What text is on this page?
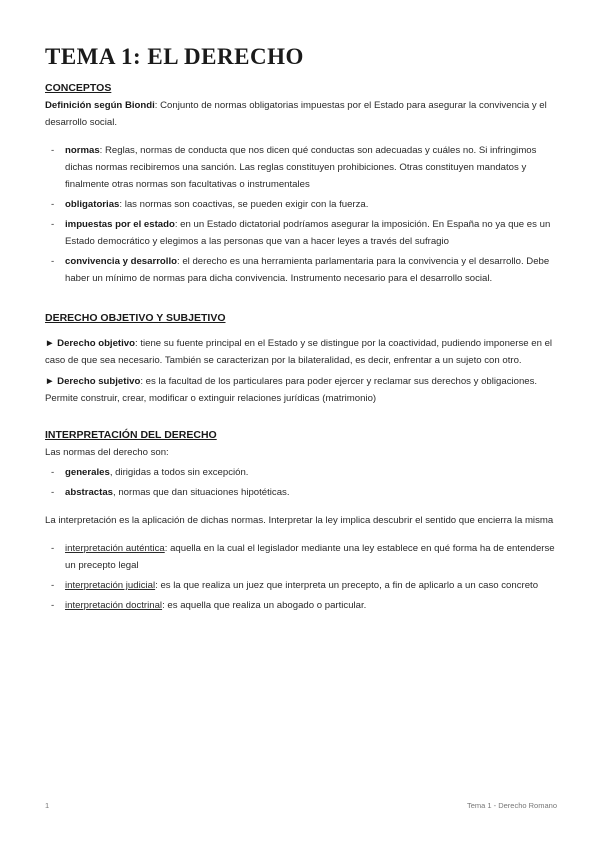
TEMA 1: EL DERECHO
CONCEPTOS

Definición según Biondi: Conjunto de normas obligatorias impuestas por el Estado para asegurar la convivencia y el desarrollo social.

- normas: Reglas, normas de conducta que nos dicen qué conductas son adecuadas y cuáles no. Si infringimos dichas normas recibiremos una sanción. Las reglas constituyen prohibiciones. Otras constituyen mandatos y finalmente otras normas son facultativas o instrumentales
- obligatorias: las normas son coactivas, se pueden exigir con la fuerza.
- impuestas por el estado: en un Estado dictatorial podríamos asegurar la imposición. En España no ya que es un Estado democrático y elegimos a las personas que van a hacer leyes a través del sufragio
- convivencia y desarrollo: el derecho es una herramienta parlamentaria para la convivencia y el desarrollo. Debe haber un mínimo de normas para dicha convivencia. Instrumento necesario para el desarrollo social.
DERECHO OBJETIVO Y SUBJETIVO

► Derecho objetivo: tiene su fuente principal en el Estado y se distingue por la coactividad, pudiendo imponerse en el caso de que sea necesario. También se caracterizan por la bilateralidad, es decir, enfrentar a un sujeto con otro.

► Derecho subjetivo: es la facultad de los particulares para poder ejercer y reclamar sus derechos y obligaciones. Permite construir, crear, modificar o extinguir relaciones jurídicas (matrimonio)

INTERPRETACIÓN DEL DERECHO

Las normas del derecho son:

- generales, dirigidas a todos sin excepción.
- abstractas, normas que dan situaciones hipotéticas.

La interpretación es la aplicación de dichas normas. Interpretar la ley implica descubrir el sentido que encierra la misma

- interpretación auténtica: aquella en la cual el legislador mediante una ley establece en qué forma ha de entenderse un precepto legal
- interpretación judicial: es la que realiza un juez que interpreta un precepto, a fin de aplicarlo a un caso concreto
- interpretación doctrinal: es aquella que realiza un abogado o particular.
1	Tema 1 - Derecho Romano
